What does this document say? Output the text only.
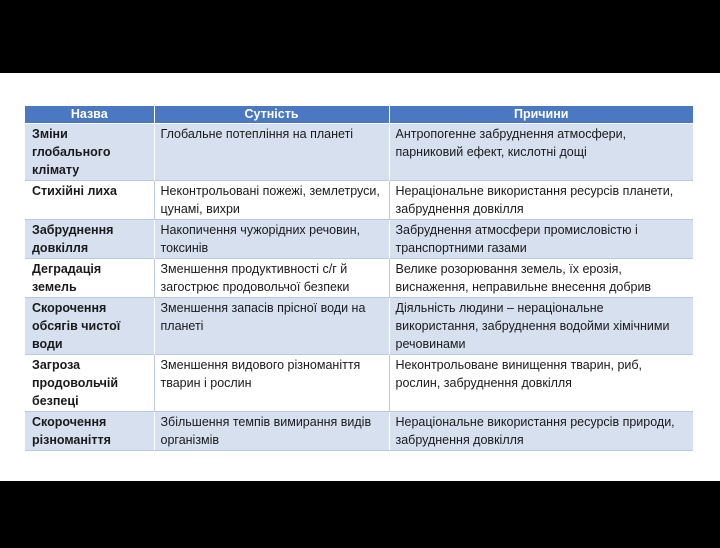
Назва	Сутність	Причини
Зміни глобального клімату	Глобальне потепління на планеті	Антропогенне забруднення атмосфери, парниковий ефект, кислотні дощі
Стихійні лиха	Неконтрольовані пожежі, землетруси, цунамі, вихри	Нераціональне використання ресурсів планети, забруднення довкілля
Забруднення довкілля	Накопичення чужорідних речовин, токсинів	Забруднення атмосфери промисловістю і транспортними газами
Деградація земель	Зменшення продуктивності с/г й загострює продовольчої безпеки	Велике розорювання земель, їх ерозія, виснаження, неправильне внесення добрив
Скорочення обсягів чистої води	Зменшення запасів прісної води на планеті	Діяльність людини – нераціональне використання, забруднення водойми хімічними речовинами
Загроза продовольчій безпеці	Зменшення видового різноманіття тварин і рослин	Неконтрольоване винищення тварин, риб, рослин, забруднення довкілля
Скорочення різноманіття	Збільшення темпів вимирання видів організмів	Нераціональне використання ресурсів природи, забруднення довкілля
